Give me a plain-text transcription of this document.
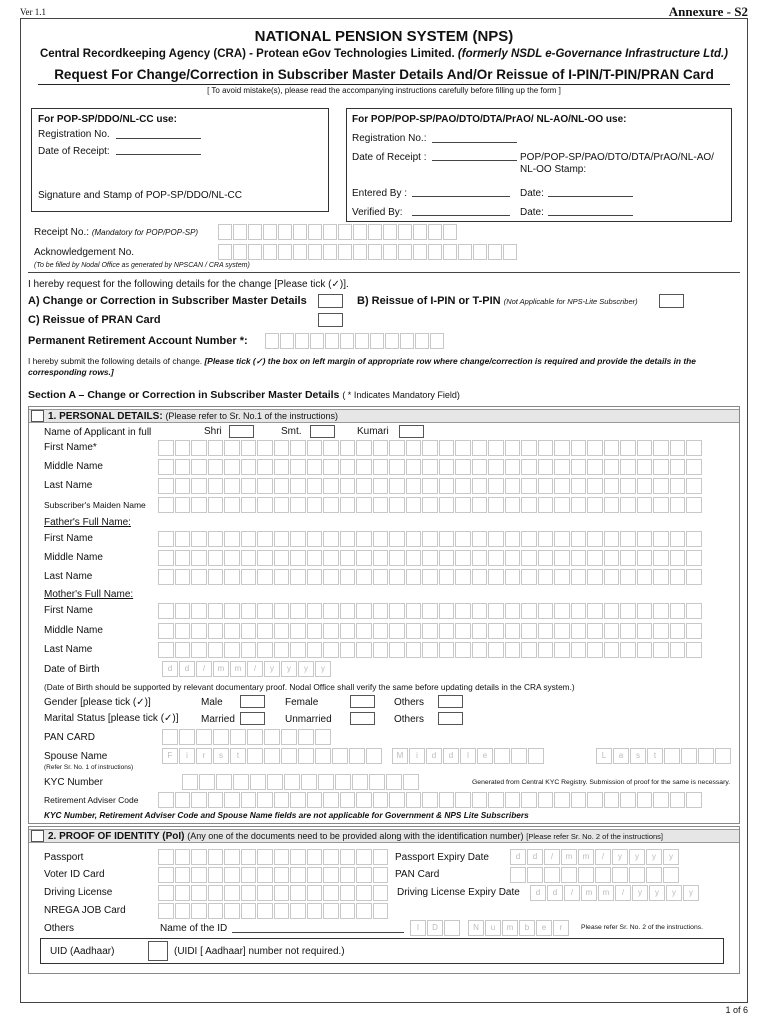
Ver 1.1	Annexure - S2
NATIONAL PENSION SYSTEM (NPS)
Central Recordkeeping Agency (CRA) - Protean eGov Technologies Limited. (formerly NSDL e-Governance Infrastructure Ltd.)
Request For Change/Correction in Subscriber Master Details And/Or Reissue of I-PIN/T-PIN/PRAN Card
[ To avoid mistake(s), please read the accompanying instructions carefully before filling up the form ]
For POP-SP/DDO/NL-CC use:
Registration No.
Date of Receipt:
Signature and Stamp of POP-SP/DDO/NL-CC
For POP/POP-SP/PAO/DTO/DTA/PrAO/ NL-AO/NL-OO use:
Registration No.:
Date of Receipt :	POP/POP-SP/PAO/DTO/DTA/PrAO/NL-AO/
NL-OO Stamp:
Entered By :	Date:
Verified By:	Date:
Receipt No.: (Mandatory for POP/POP-SP)
Acknowledgement No.
(To be filled by Nodal Office as generated by NPSCAN / CRA system)
I hereby request for the following details for the change [Please tick (✓)].
A) Change or Correction in Subscriber Master Details	B) Reissue of I-PIN or T-PIN (Not Applicable for NPS-Lite Subscriber)
C) Reissue of PRAN Card
Permanent Retirement Account Number *:
I hereby submit the following details of change. [Please tick (✓) the box on left margin of appropriate row where change/correction is required and provide the details in the
corresponding rows.]
Section A – Change or Correction in Subscriber Master Details ( * Indicates Mandatory Field)
1. PERSONAL DETAILS: (Please refer to Sr. No.1 of the instructions)
Name of Applicant in full	Shri	Smt.	Kumari
First Name*
Middle Name
Last Name
Subscriber's Maiden Name
Father's Full Name:
First Name
Middle Name
Last Name
Mother's Full Name:
First Name
Middle Name
Last Name
Date of Birth	d	d	/	m	m	/	y	y	y	y
(Date of Birth should be supported by relevant documentary proof. Nodal Office shall verify the same before updating details in the CRA system.)
Gender [please tick (✓)]	Male	Female	Others
Marital Status [please tick (✓)] Married	Unmarried	Others
PAN CARD
Spouse Name
(Refer Sr. No. 1 of instructions)
F	i	r	s	t	M	i	d	d	l	e	L	a	s	t
KYC Number	Generated from Central KYC Registry. Submission of proof for the same is necessary.
Retirement Adviser Code
KYC Number, Retirement Adviser Code and Spouse Name fields are not applicable for Government & NPS Lite Subscribers
2. PROOF OF IDENTITY (PoI) (Any one of the documents need to be provided along with the identification number) [Please refer Sr. No. 2 of the instructions]
Passport	Passport Expiry Date	d	d	/	m	m	/	y	y	y	y
Voter ID Card	PAN Card
Driving License	Driving License Expiry Date	d	d	/	m	m	/	y	y	y	y
NREGA JOB Card
Others	Name of the ID	I	D	N	u	m	b	e	r	Please refer Sr. No. 2 of the instructions.
UID (Aadhaar)	(UIDI [ Aadhaar] number not required.)
1 of 6
